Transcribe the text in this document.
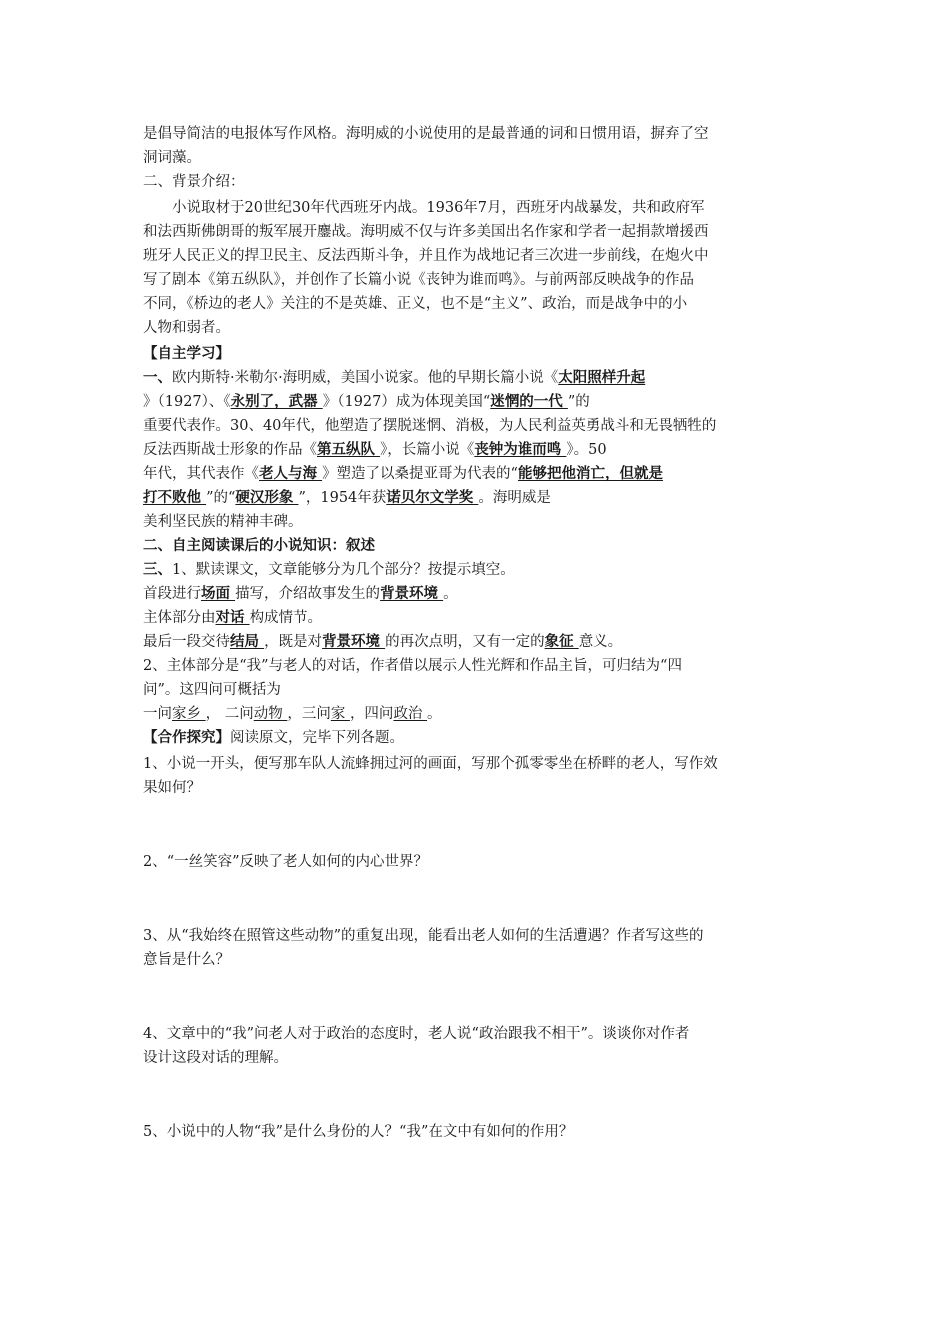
是倡导简洁的电报体写作风格。海明威的小说使用的是最普通的词和日惯用语，摒弃了空
洞词藻。
二、背景介绍：
小说取材于20世纪30年代西班牙内战。1936年7月，西班牙内战暴发，共和政府军
和法西斯佛朗哥的叛军展开鏖战。海明威不仅与许多美国出名作家和学者一起捐款增援西
班牙人民正义的捍卫民主、反法西斯斗争，并且作为战地记者三次进一步前线，在炮火中
写了剧本《第五纵队》，并创作了长篇小说《丧钟为谁而鸣》。与前两部反映战争的作品
不同，《桥边的老人》关注的不是英雄、正义，也不是“主义”、政治，而是战争中的小
人物和弱者。
【自主学习】
一、欧内斯特·米勒尔·海明威，美国小说家。他的早期长篇小说《太阳照样升起
》（1927）、《永别了，武器 》（1927）成为体现美国“迷惘的一代 ”的
重要代表作。30、40年代，他塑造了摆脱迷惘、消极，为人民利益英勇战斗和无畏牺牲的
反法西斯战士形象的作品《第五纵队 》，长篇小说《丧钟为谁而鸣 》。50
年代，其代表作《老人与海 》塑造了以桑提亚哥为代表的“能够把他消亡，但就是
打不败他 ”的“硬汉形象 ”，1954年获诺贝尔文学奖 。海明威是
美利坚民族的精神丰碑。
二、自主阅读课后的小说知识：叙述
三、1、默读课文，文章能够分为几个部分？按提示填空。
首段进行场面 描写，介绍故事发生的背景环境 。
主体部分由对话 构成情节。
最后一段交待结局 ，既是对背景环境 的再次点明，又有一定的象征 意义。
2、主体部分是“我”与老人的对话，作者借以展示人性光辉和作品主旨，可归结为“四
问”。这四问可概括为
一问家乡 ， 二问动物 ，三问家 ，四问政治 。
【合作探究】阅读原文，完毕下列各题。
1、小说一开头，便写那车队人流蜂拥过河的画面，写那个孤零零坐在桥畔的老人，写作效
果如何？
2、“一丝笑容”反映了老人如何的内心世界？
3、从“我始终在照管这些动物”的重复出现，能看出老人如何的生活遭遇？作者写这些的
意旨是什么？
4、文章中的“我”问老人对于政治的态度时，老人说“政治跟我不相干”。谈谈你对作者
设计这段对话的理解。
5、小说中的人物“我”是什么身份的人？“我”在文中有如何的作用？
